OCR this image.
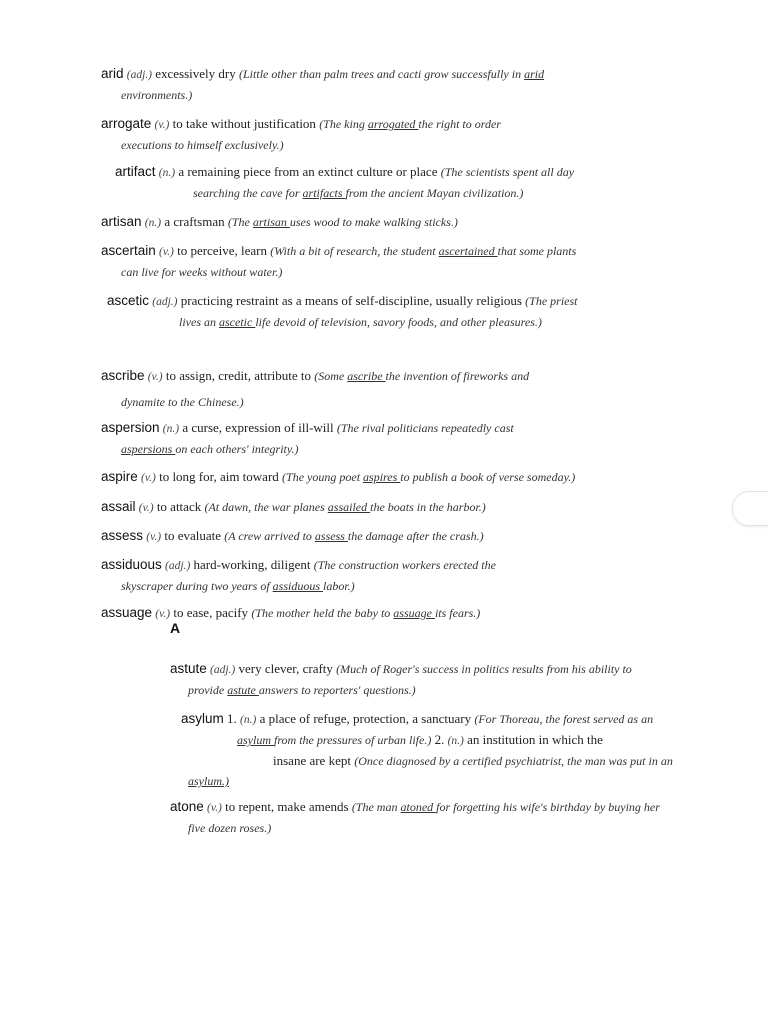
arid (adj.) excessively dry (Little other than palm trees and cacti grow successfully in arid
environments.)
arrogate (v.) to take without justification (The king arrogated the right to order
executions to himself exclusively.)
artifact (n.) a remaining piece from an extinct culture or place (The scientists spent all day
searching the cave for artifacts from the ancient Mayan civilization.)
artisan (n.) a craftsman (The artisan uses wood to make walking sticks.)
ascertain (v.) to perceive, learn (With a bit of research, the student ascertained that some plants
can live for weeks without water.)
ascetic (adj.) practicing restraint as a means of self-discipline, usually religious (The priest
lives an ascetic life devoid of television, savory foods, and other pleasures.)
ascribe (v.) to assign, credit, attribute to (Some ascribe the invention of fireworks and
dynamite to the Chinese.)
aspersion (n.) a curse, expression of ill-will (The rival politicians repeatedly cast
aspersions on each others' integrity.)
aspire (v.) to long for, aim toward (The young poet aspires to publish a book of verse someday.)
assail (v.) to attack (At dawn, the war planes assailed the boats in the harbor.)
assess (v.) to evaluate (A crew arrived to assess the damage after the crash.)
assiduous (adj.) hard-working, diligent (The construction workers erected the
skyscraper during two years of assiduous labor.)
assuage (v.) to ease, pacify (The mother held the baby to assuage its fears.)
A
astute (adj.) very clever, crafty (Much of Roger's success in politics results from his ability to
provide astute answers to reporters' questions.)
asylum 1. (n.) a place of refuge, protection, a sanctuary (For Thoreau, the forest served as an
asylum from the pressures of urban life.) 2. (n.) an institution in which the
insane are kept (Once diagnosed by a certified psychiatrist, the man was put in an
asylum.)
atone (v.) to repent, make amends (The man atoned for forgetting his wife's birthday by buying her
five dozen roses.)
